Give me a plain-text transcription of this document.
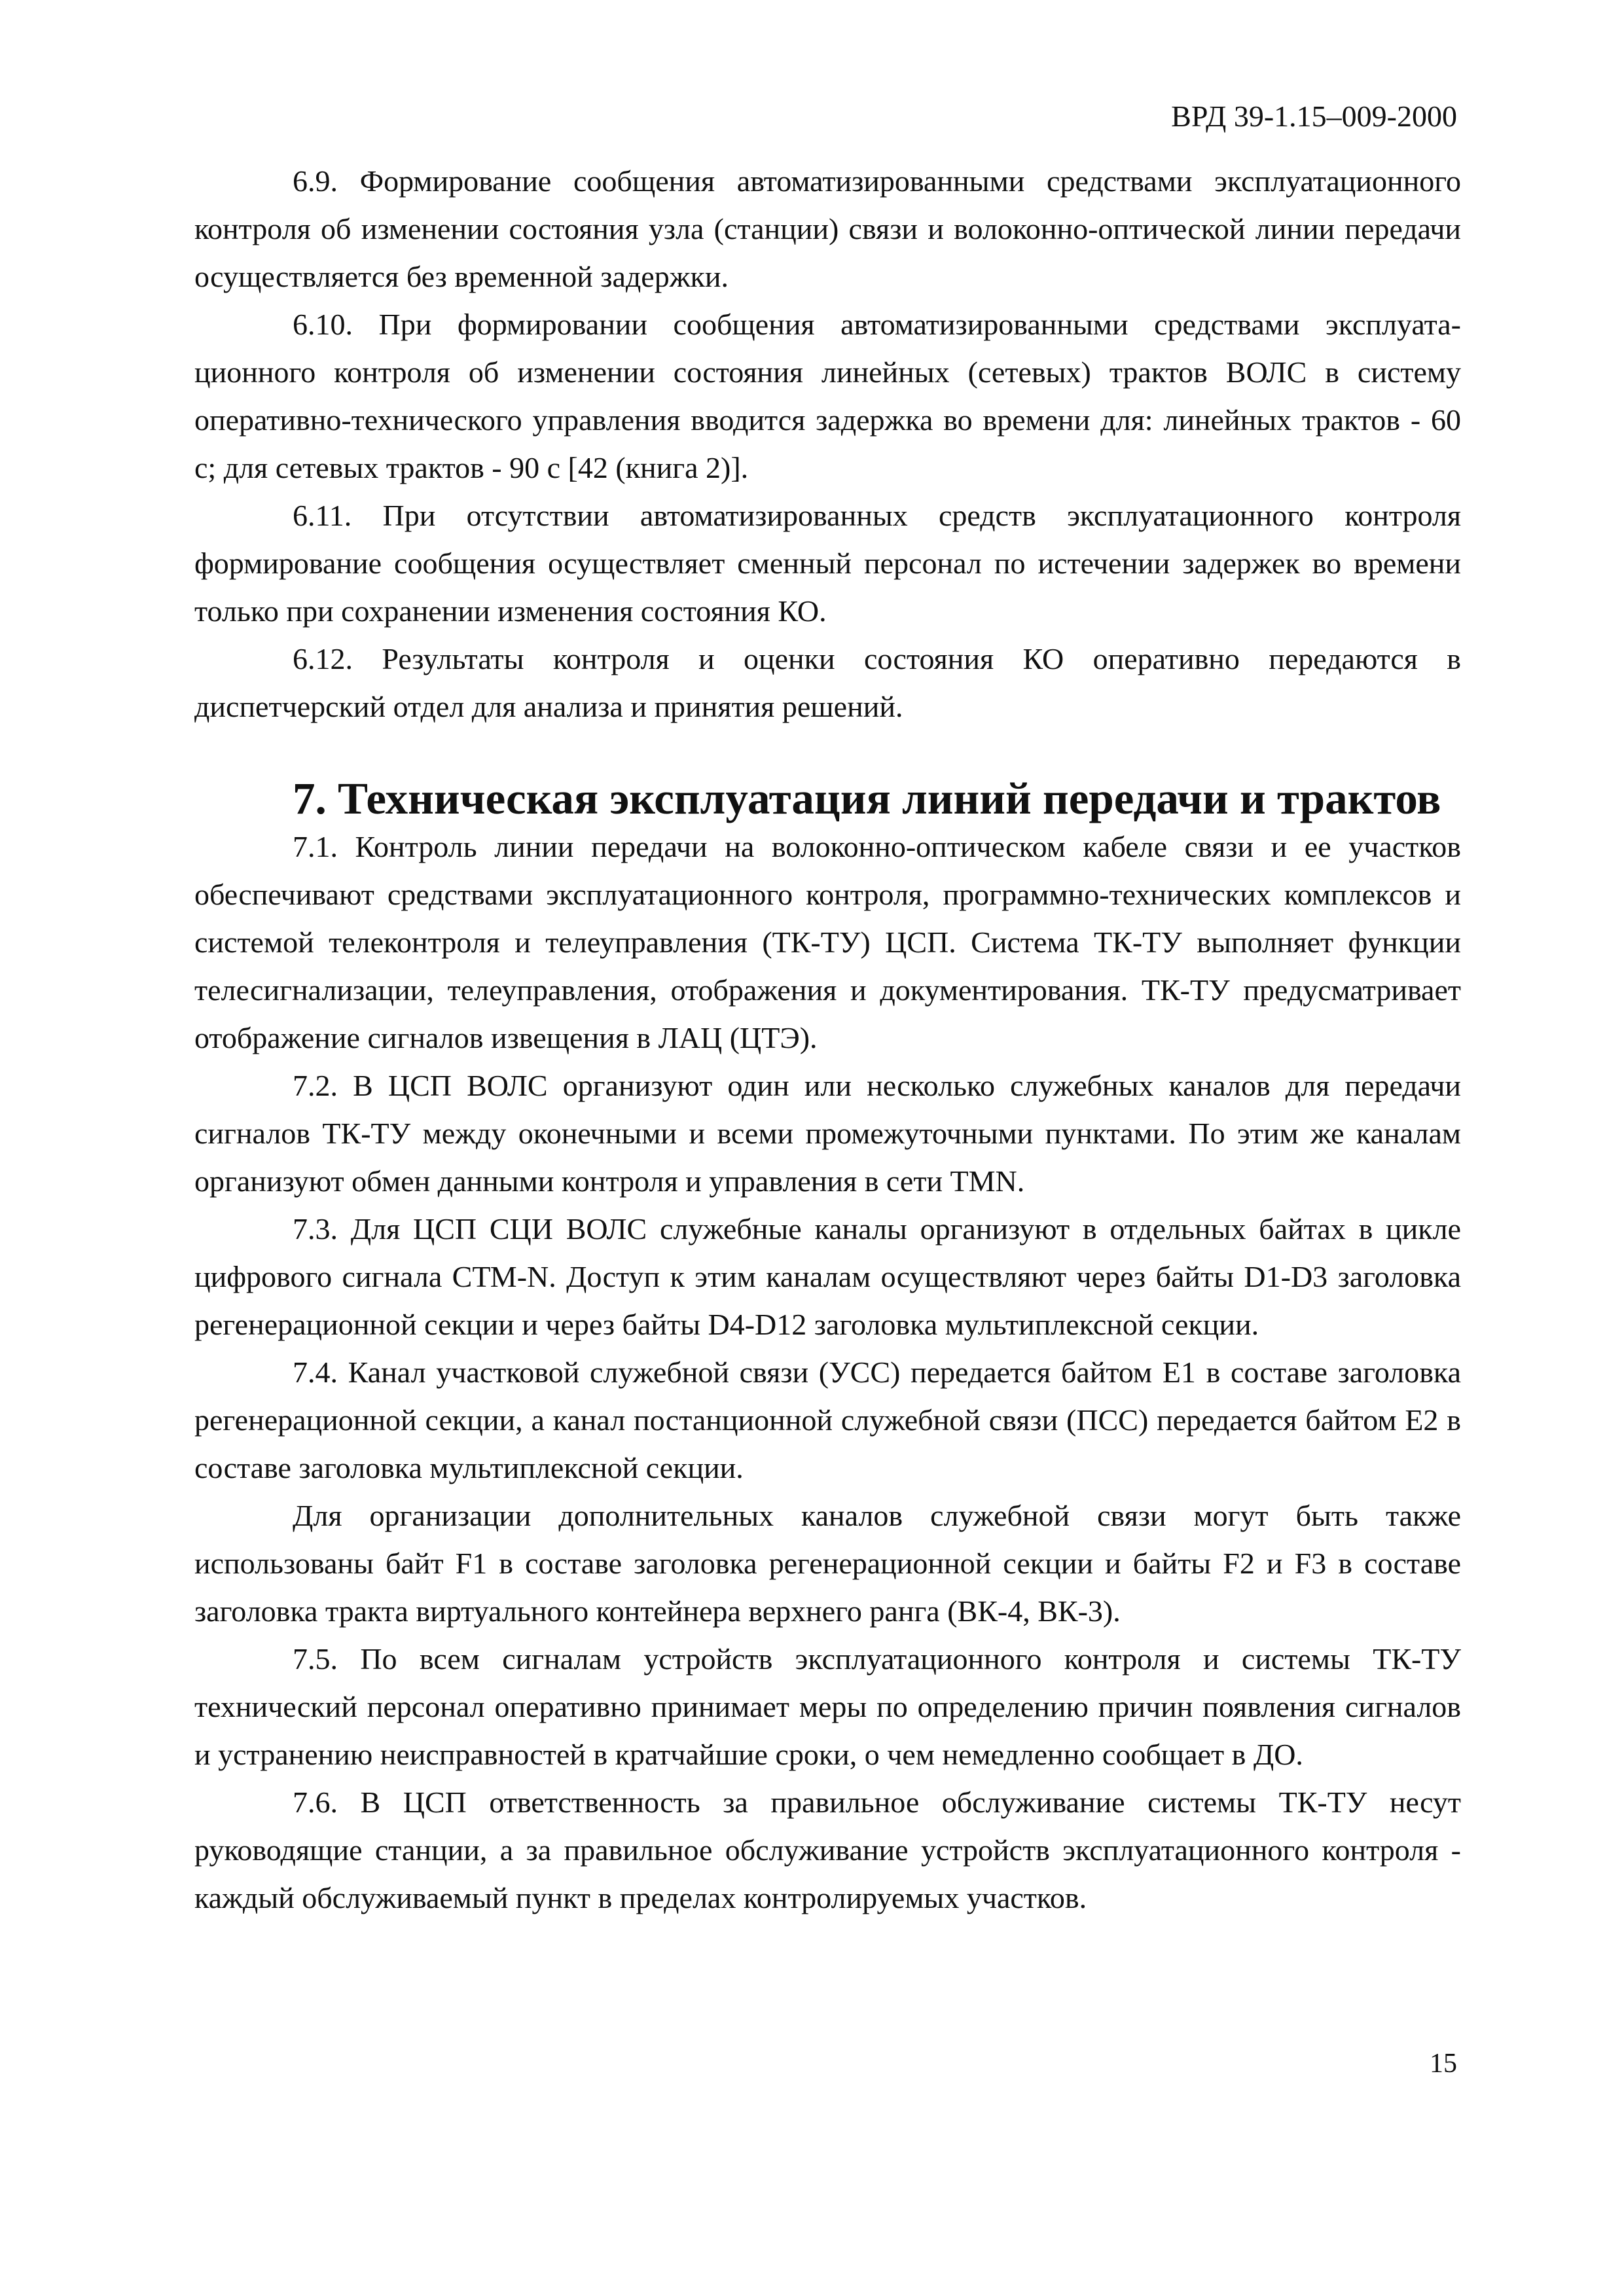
ВРД 39-1.15–009-2000

6.9. Формирование сообщения автоматизированными средствами эксплуатационного контроля об изменении состояния узла (станции) связи и волоконно-оптической линии передачи осуществляется без временной задержки.

6.10. При формировании сообщения автоматизированными средствами эксплуатационного контроля об изменении состояния линейных (сетевых) трактов ВОЛС в систему оперативно-технического управления вводится задержка во времени для: линейных трактов - 60 с; для сетевых трактов - 90 с [42 (книга 2)].

6.11. При отсутствии автоматизированных средств эксплуатационного контроля формирование сообщения осуществляет сменный персонал по истечении задержек во времени только при сохранении изменения состояния КО.

6.12. Результаты контроля и оценки состояния КО оперативно передаются в диспетчерский отдел для анализа и принятия решений.

7. Техническая эксплуатация линий передачи и трактов

7.1. Контроль линии передачи на волоконно-оптическом кабеле связи и ее участков обеспечивают средствами эксплуатационного контроля, программно-технических комплексов и системой телеконтроля и телеуправления (ТК-ТУ) ЦСП. Система ТК-ТУ выполняет функции телесигнализации, телеуправления, отображения и документирования. ТК-ТУ предусматривает отображение сигналов извещения в ЛАЦ (ЦТЭ).

7.2. В ЦСП ВОЛС организуют один или несколько служебных каналов для передачи сигналов ТК-ТУ между оконечными и всеми промежуточными пунктами. По этим же каналам организуют обмен данными контроля и управления в сети TMN.

7.3. Для ЦСП СЦИ ВОЛС служебные каналы организуют в отдельных байтах в цикле цифрового сигнала СТМ-N. Доступ к этим каналам осуществляют через байты D1-D3 заголовка регенерационной секции и через байты D4-D12 заголовка мультиплексной секции.

7.4. Канал участковой служебной связи (УСС) передается байтом Е1 в составе заголовка регенерационной секции, а канал постанционной служебной связи (ПСС) передается байтом Е2 в составе заголовка мультиплексной секции.

Для организации дополнительных каналов служебной связи могут быть также использованы байт F1 в составе заголовка регенерационной секции и байты F2 и F3 в составе заголовка тракта виртуального контейнера верхнего ранга (ВК-4, ВК-3).

7.5. По всем сигналам устройств эксплуатационного контроля и системы ТК-ТУ технический персонал оперативно принимает меры по определению причин появления сигналов и устранению неисправностей в кратчайшие сроки, о чем немедленно сообщает в ДО.

7.6. В ЦСП ответственность за правильное обслуживание системы ТК-ТУ несут руководящие станции, а за правильное обслуживание устройств эксплуатационного контроля - каждый обслуживаемый пункт в пределах контролируемых участков.

15
